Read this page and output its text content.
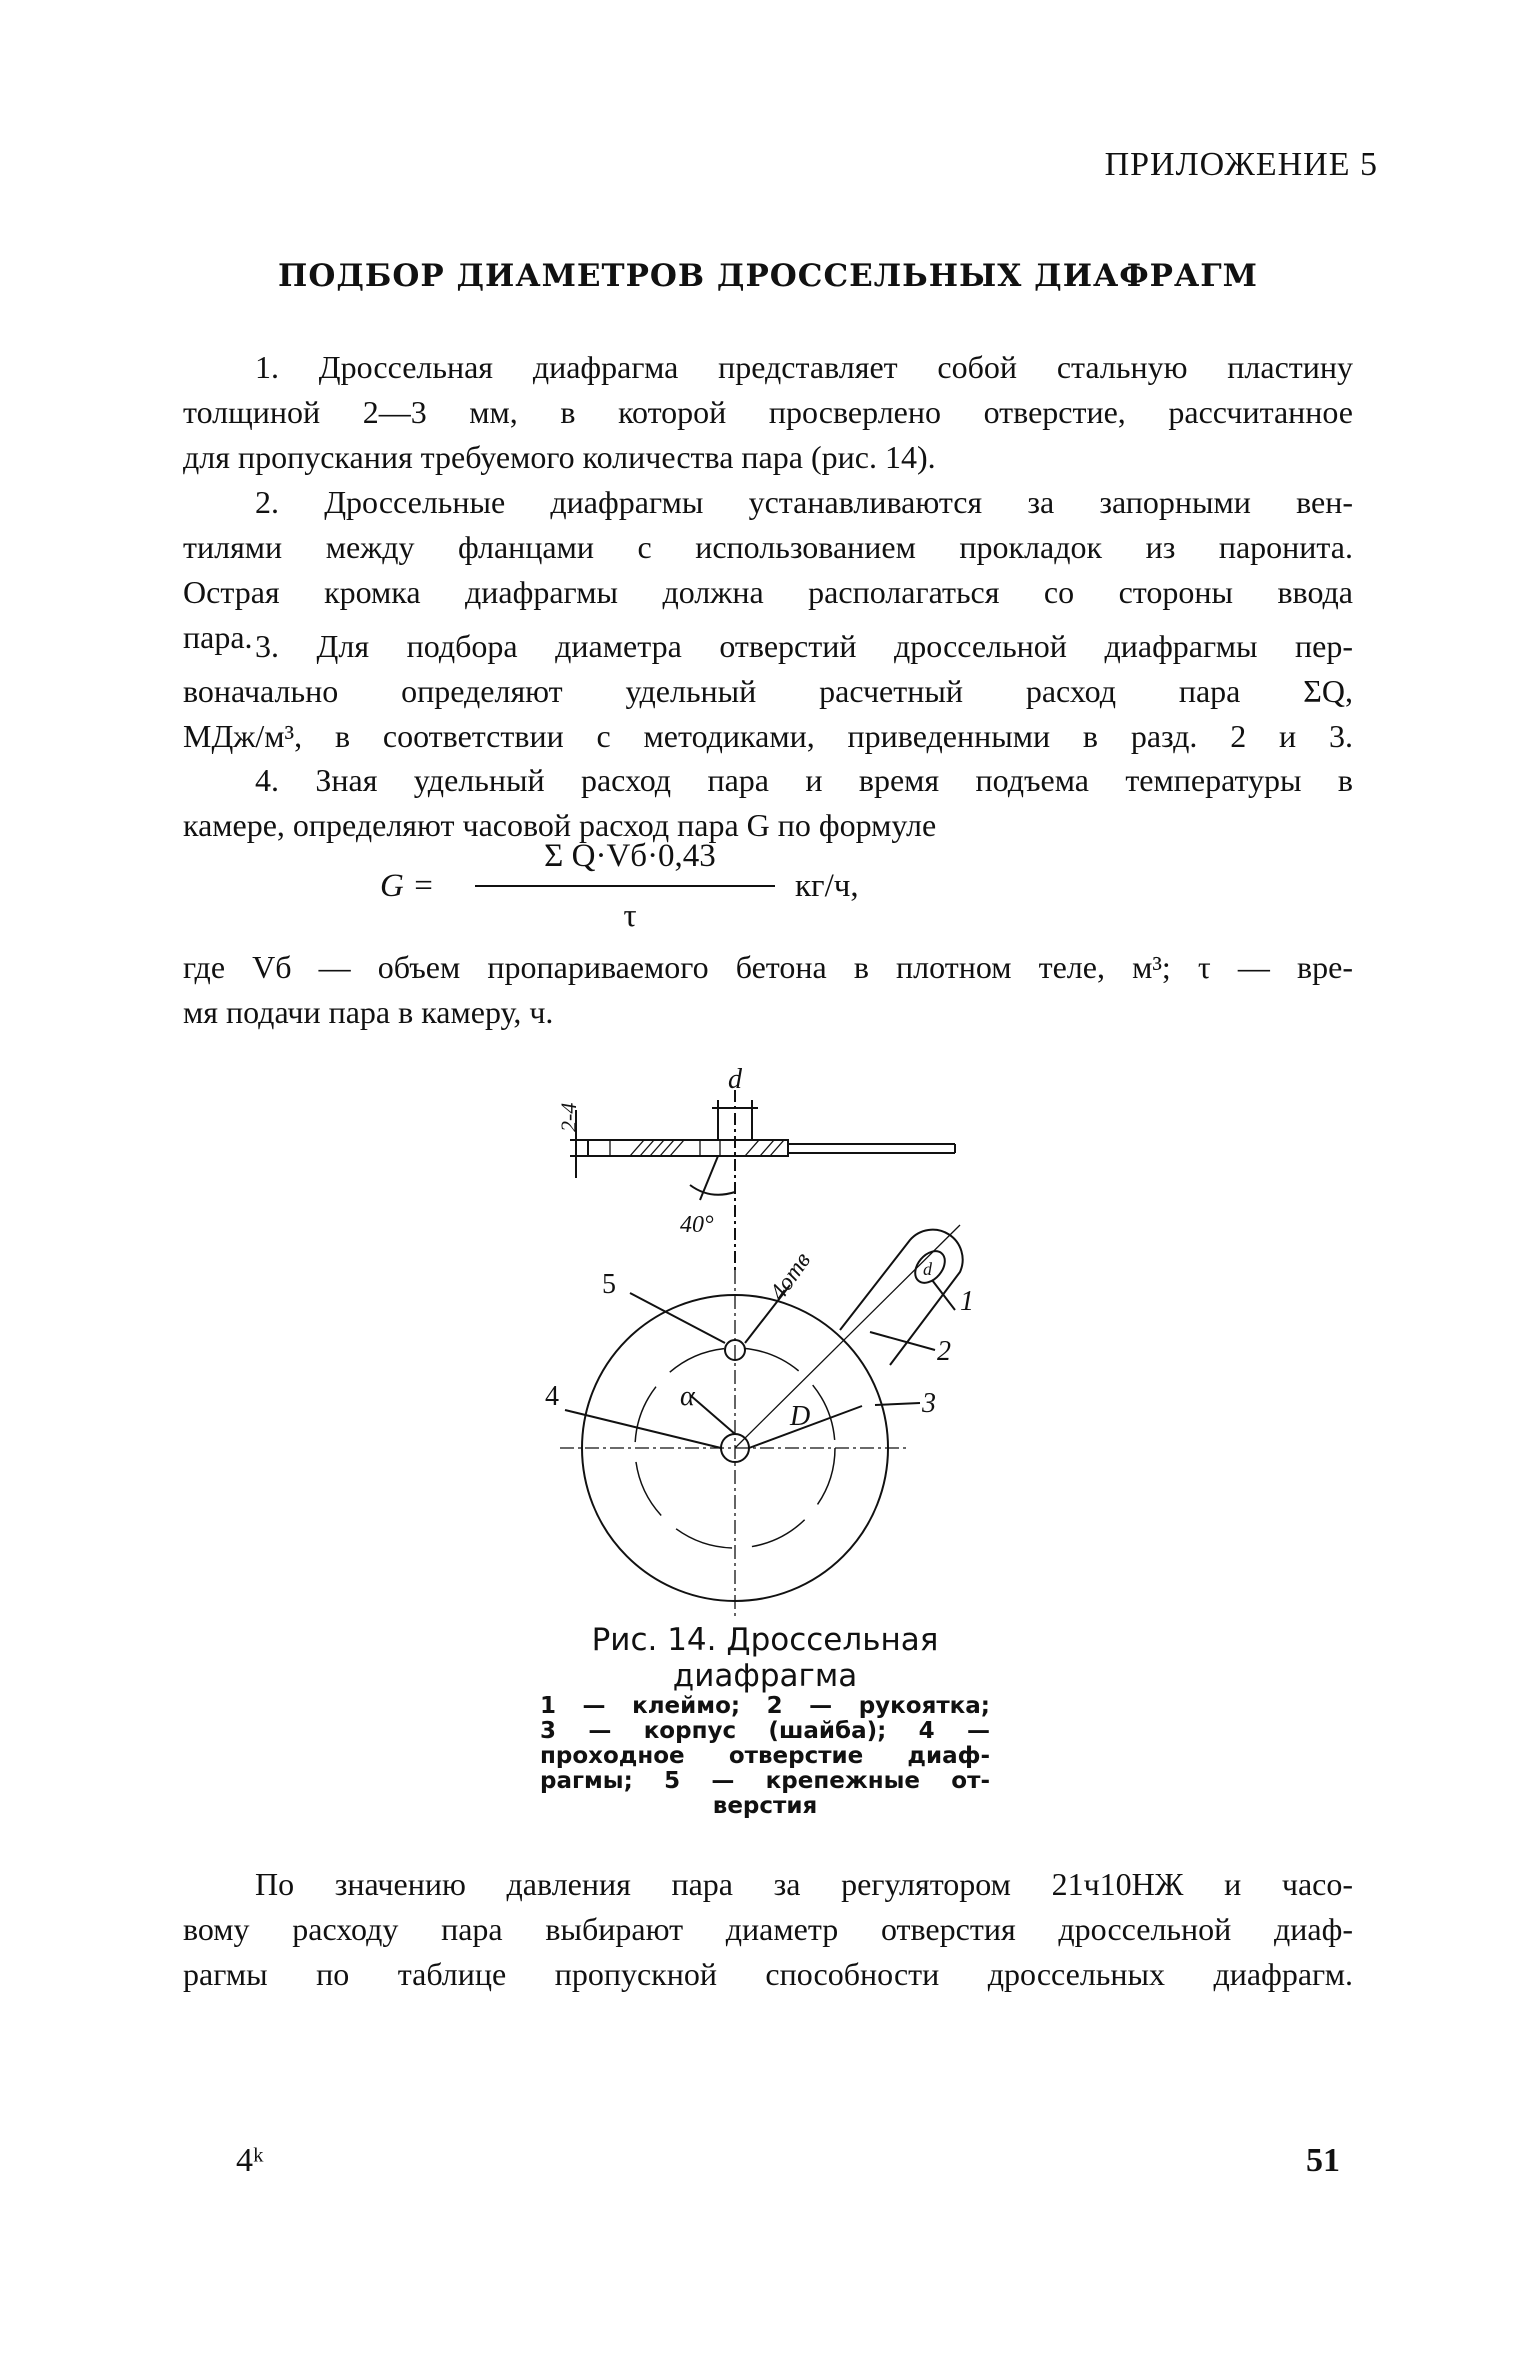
ПРИЛОЖЕНИЕ 5
ПОДБОР ДИАМЕТРОВ ДРОССЕЛЬНЫХ ДИАФРАГМ
1. Дроссельная диафрагма представляет собой стальную пластину
толщиной 2—3 мм, в которой просверлено отверстие, рассчитанное
для пропускания требуемого количества пара (рис. 14).
2. Дроссельные диафрагмы устанавливаются за запорными вен-
тилями между фланцами с использованием прокладок из паронита.
Острая кромка диафрагмы должна располагаться со стороны ввода
пара. 3. Для подбора диаметра отверстий дроссельной диафрагмы пер-
воначально определяют удельный расчетный расход пара ΣQ,
МДж/м³, в соответствии с методиками, приведенными в разд. 2 и 3.
4. Зная удельный расход пара и время подъема температуры в
камере, определяют часовой расход пара G по формуле
G =
Σ Q·Vб·0,43
τ
кг/ч,
где Vб — объем пропариваемого бетона в плотном теле, м³; τ — вре-
мя подачи пара в камеру, ч.
2-4
d
40°
5	4отв	1
2
3
4	α
D
d
Рис. 14. Дроссельная
диафрагма
1 — клеймо; 2 — рукоятка;
3 — корпус (шайба); 4 —
проходное отверстие диаф-
рагмы; 5 — крепежные от-
верстия
По значению давления пара за регулятором 21ч10НЖ и часо-
вому расходу пара выбирают диаметр отверстия дроссельной диаф-
рагмы по таблице пропускной способности дроссельных диафрагм.
4ᵏ	51
